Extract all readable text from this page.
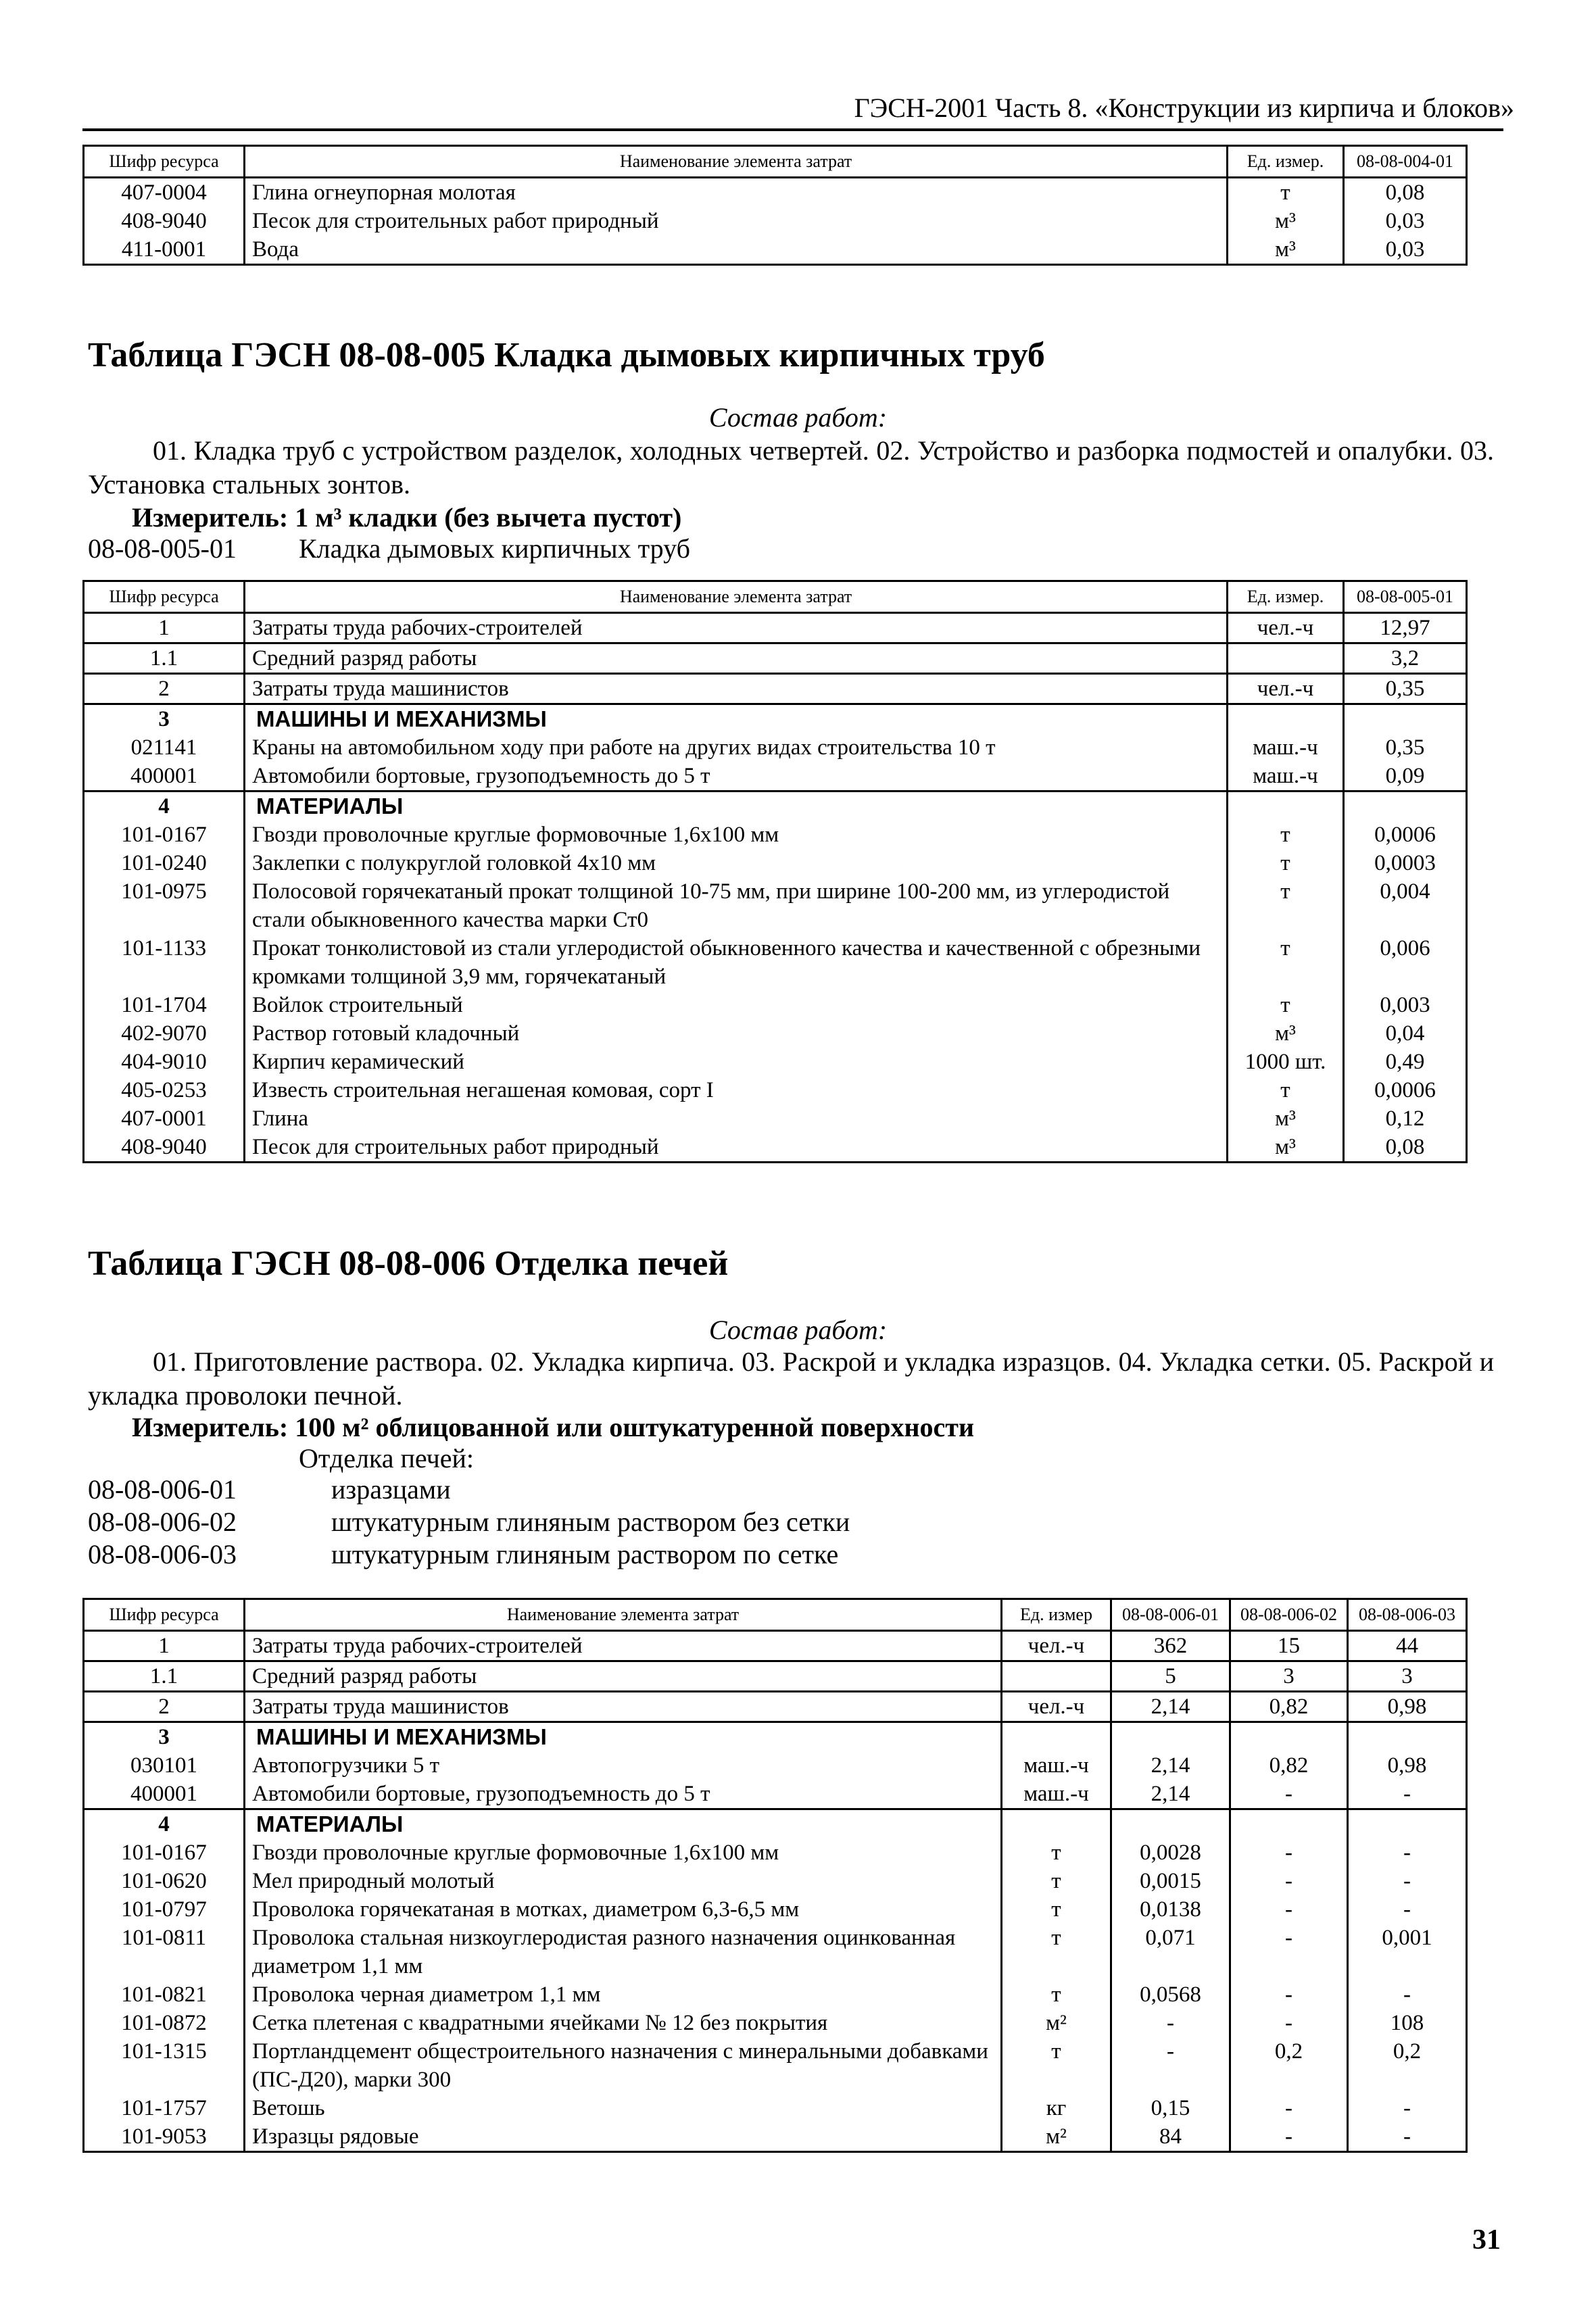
ГЭСН-2001 Часть 8. «Конструкции из кирпича и блоков»
Шифр ресурса	Наименование элемента затрат	Ед. измер.	08-08-004-01
407-0004	Глина огнеупорная молотая	т	0,08
408-9040	Песок для строительных работ природный	м³	0,03
411-0001	Вода	м³	0,03
Таблица ГЭСН 08-08-005 Кладка дымовых кирпичных труб
Состав работ:
01. Кладка труб с устройством разделок, холодных четвертей. 02. Устройство и разборка подмостей и опалубки. 03. Установка стальных зонтов.
Измеритель: 1 м³ кладки (без вычета пустот)
08-08-005-01 Кладка дымовых кирпичных труб
Шифр ресурса	Наименование элемента затрат	Ед. измер.	08-08-005-01
1	Затраты труда рабочих-строителей	чел.-ч	12,97
1.1	Средний разряд работы		3,2
2	Затраты труда машинистов	чел.-ч	0,35
3	МАШИНЫ И МЕХАНИЗМЫ		
021141	Краны на автомобильном ходу при работе на других видах строительства 10 т	маш.-ч	0,35
400001	Автомобили бортовые, грузоподъемность до 5 т	маш.-ч	0,09
4	МАТЕРИАЛЫ		
101-0167	Гвозди проволочные круглые формовочные 1,6х100 мм	т	0,0006
101-0240	Заклепки с полукруглой головкой 4х10 мм	т	0,0003
101-0975	Полосовой горячекатаный прокат толщиной 10-75 мм, при ширине 100-200 мм, из углеродистой стали обыкновенного качества марки Ст0	т	0,004
101-1133	Прокат тонколистовой из стали углеродистой обыкновенного качества и качественной с обрезными кромками толщиной 3,9 мм, горячекатаный	т	0,006
101-1704	Войлок строительный	т	0,003
402-9070	Раствор готовый кладочный	м³	0,04
404-9010	Кирпич керамический	1000 шт.	0,49
405-0253	Известь строительная негашеная комовая, сорт I	т	0,0006
407-0001	Глина	м³	0,12
408-9040	Песок для строительных работ природный	м³	0,08
Таблица ГЭСН 08-08-006 Отделка печей
Состав работ:
01. Приготовление раствора. 02. Укладка кирпича. 03. Раскрой и укладка изразцов. 04. Укладка сетки. 05. Раскрой и укладка проволоки печной.
Измеритель: 100 м² облицованной или оштукатуренной поверхности
Отделка печей:
08-08-006-01	изразцами
08-08-006-02	штукатурным глиняным раствором без сетки
08-08-006-03	штукатурным глиняным раствором по сетке
Шифр ресурса	Наименование элемента затрат	Ед. измер	08-08-006-01	08-08-006-02	08-08-006-03
1	Затраты труда рабочих-строителей	чел.-ч	362	15	44
1.1	Средний разряд работы		5	3	3
2	Затраты труда машинистов	чел.-ч	2,14	0,82	0,98
3	МАШИНЫ И МЕХАНИЗМЫ				
030101	Автопогрузчики 5 т	маш.-ч	2,14	0,82	0,98
400001	Автомобили бортовые, грузоподъемность до 5 т	маш.-ч	2,14	-	-
4	МАТЕРИАЛЫ				
101-0167	Гвозди проволочные круглые формовочные 1,6х100 мм	т	0,0028	-	-
101-0620	Мел природный молотый	т	0,0015	-	-
101-0797	Проволока горячекатаная в мотках, диаметром 6,3-6,5 мм	т	0,0138	-	-
101-0811	Проволока стальная низкоуглеродистая разного назначения оцинкованная диаметром 1,1 мм	т	0,071	-	0,001
101-0821	Проволока черная диаметром 1,1 мм	т	0,0568	-	-
101-0872	Сетка плетеная с квадратными ячейками № 12 без покрытия	м²	-	-	108
101-1315	Портландцемент общестроительного назначения с минеральными добавками (ПС-Д20), марки 300	т	-	0,2	0,2
101-1757	Ветошь	кг	0,15	-	-
101-9053	Изразцы рядовые	м²	84	-	-
31
